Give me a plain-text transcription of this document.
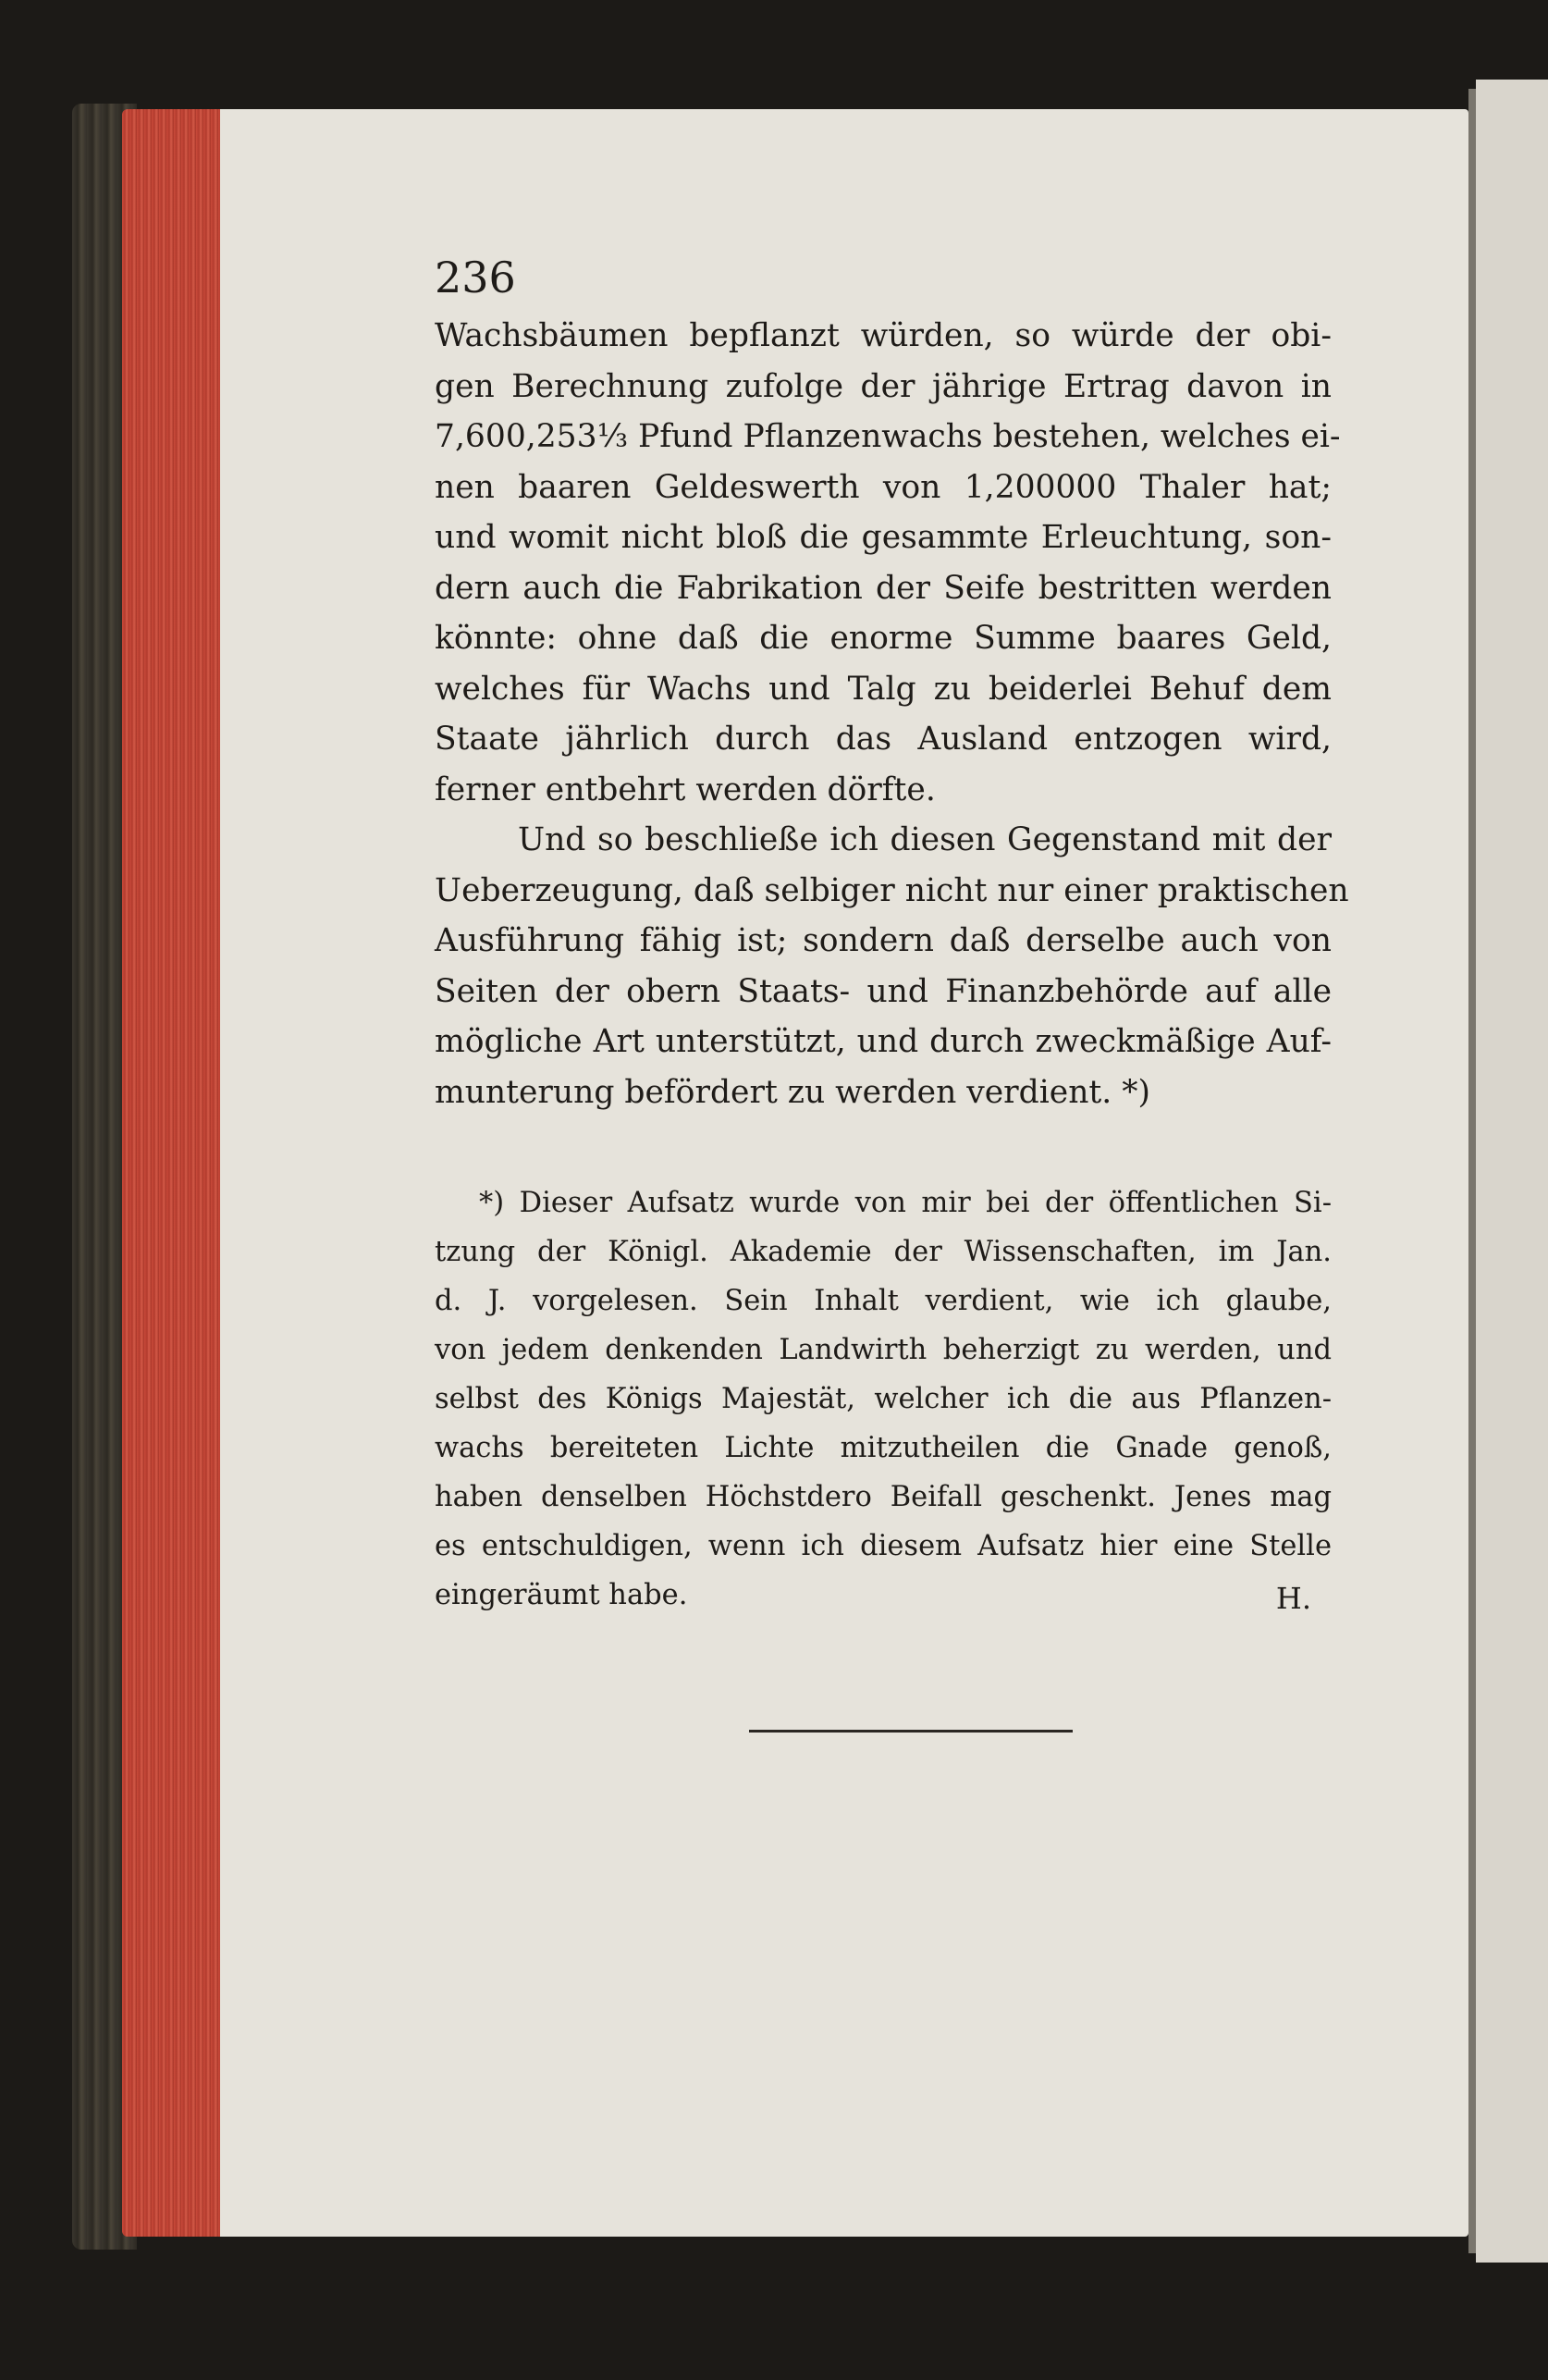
236

Wachsbäumen bepflanzt würden, so würde der obi-

gen Berechnung zufolge der jährige Ertrag davon in

7,600,253⅓ Pfund Pflanzenwachs bestehen, welches ei-

nen baaren Geldeswerth von 1,200000 Thaler hat;

und womit nicht bloß die gesammte Erleuchtung, son-

dern auch die Fabrikation der Seife bestritten werden

könnte: ohne daß die enorme Summe baares Geld,

welches für Wachs und Talg zu beiderlei Behuf dem

Staate jährlich durch das Ausland entzogen wird,

ferner entbehrt werden dörfte.

Und so beschließe ich diesen Gegenstand mit der

Ueberzeugung, daß selbiger nicht nur einer praktischen

Ausführung fähig ist; sondern daß derselbe auch von

Seiten der obern Staats- und Finanzbehörde auf alle

mögliche Art unterstützt, und durch zweckmäßige Auf-

munterung befördert zu werden verdient. *)

*) Dieser Aufsatz wurde von mir bei der öffentlichen Si-

tzung der Königl. Akademie der Wissenschaften, im Jan.

d. J. vorgelesen. Sein Inhalt verdient, wie ich glaube,

von jedem denkenden Landwirth beherzigt zu werden, und

selbst des Königs Majestät, welcher ich die aus Pflanzen-

wachs bereiteten Lichte mitzutheilen die Gnade genoß,

haben denselben Höchstdero Beifall geschenkt. Jenes mag

es entschuldigen, wenn ich diesem Aufsatz hier eine Stelle

eingeräumt habe.	H.
